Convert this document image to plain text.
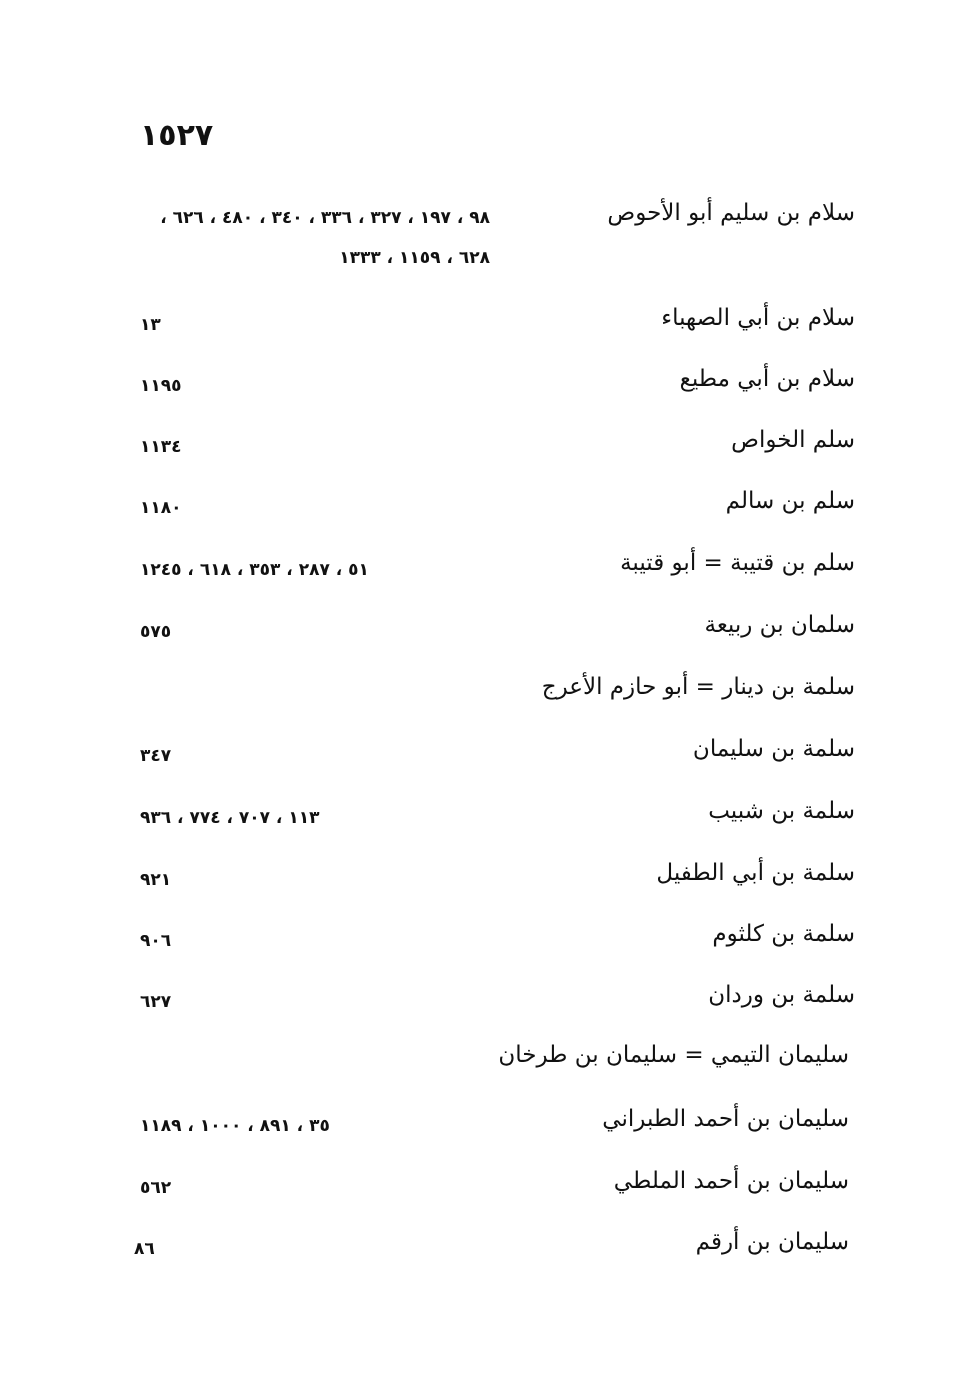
١٥٢٧
سلام بن سليم أبو الأحوص
٩٨ ، ١٩٧ ، ٣٢٧ ، ٣٣٦ ، ٣٤٠ ، ٤٨٠ ، ٦٢٦ ، ٦٢٨ ، ١١٥٩ ، ١٣٣٣
سلام بن أبي الصهباء
١٣
سلام بن أبي مطيع
١١٩٥
سلم الخواص
١١٣٤
سلم بن سالم
١١٨٠
سلم بن قتيبة = أبو قتيبة
٥١ ، ٢٨٧ ، ٣٥٣ ، ٦١٨ ، ١٢٤٥
سلمان بن ربيعة
٥٧٥
سلمة بن دينار = أبو حازم الأعرج
سلمة بن سليمان
٣٤٧
سلمة بن شبيب
١١٣ ، ٧٠٧ ، ٧٧٤ ، ٩٣٦
سلمة بن أبي الطفيل
٩٢١
سلمة بن كلثوم
٩٠٦
سلمة بن وردان
٦٢٧
سليمان التيمي = سليمان بن طرخان
سليمان بن أحمد الطبراني
٣٥ ، ٨٩١ ، ١٠٠٠ ، ١١٨٩
سليمان بن أحمد الملطي
٥٦٢
سليمان بن أرقم
٨٦
